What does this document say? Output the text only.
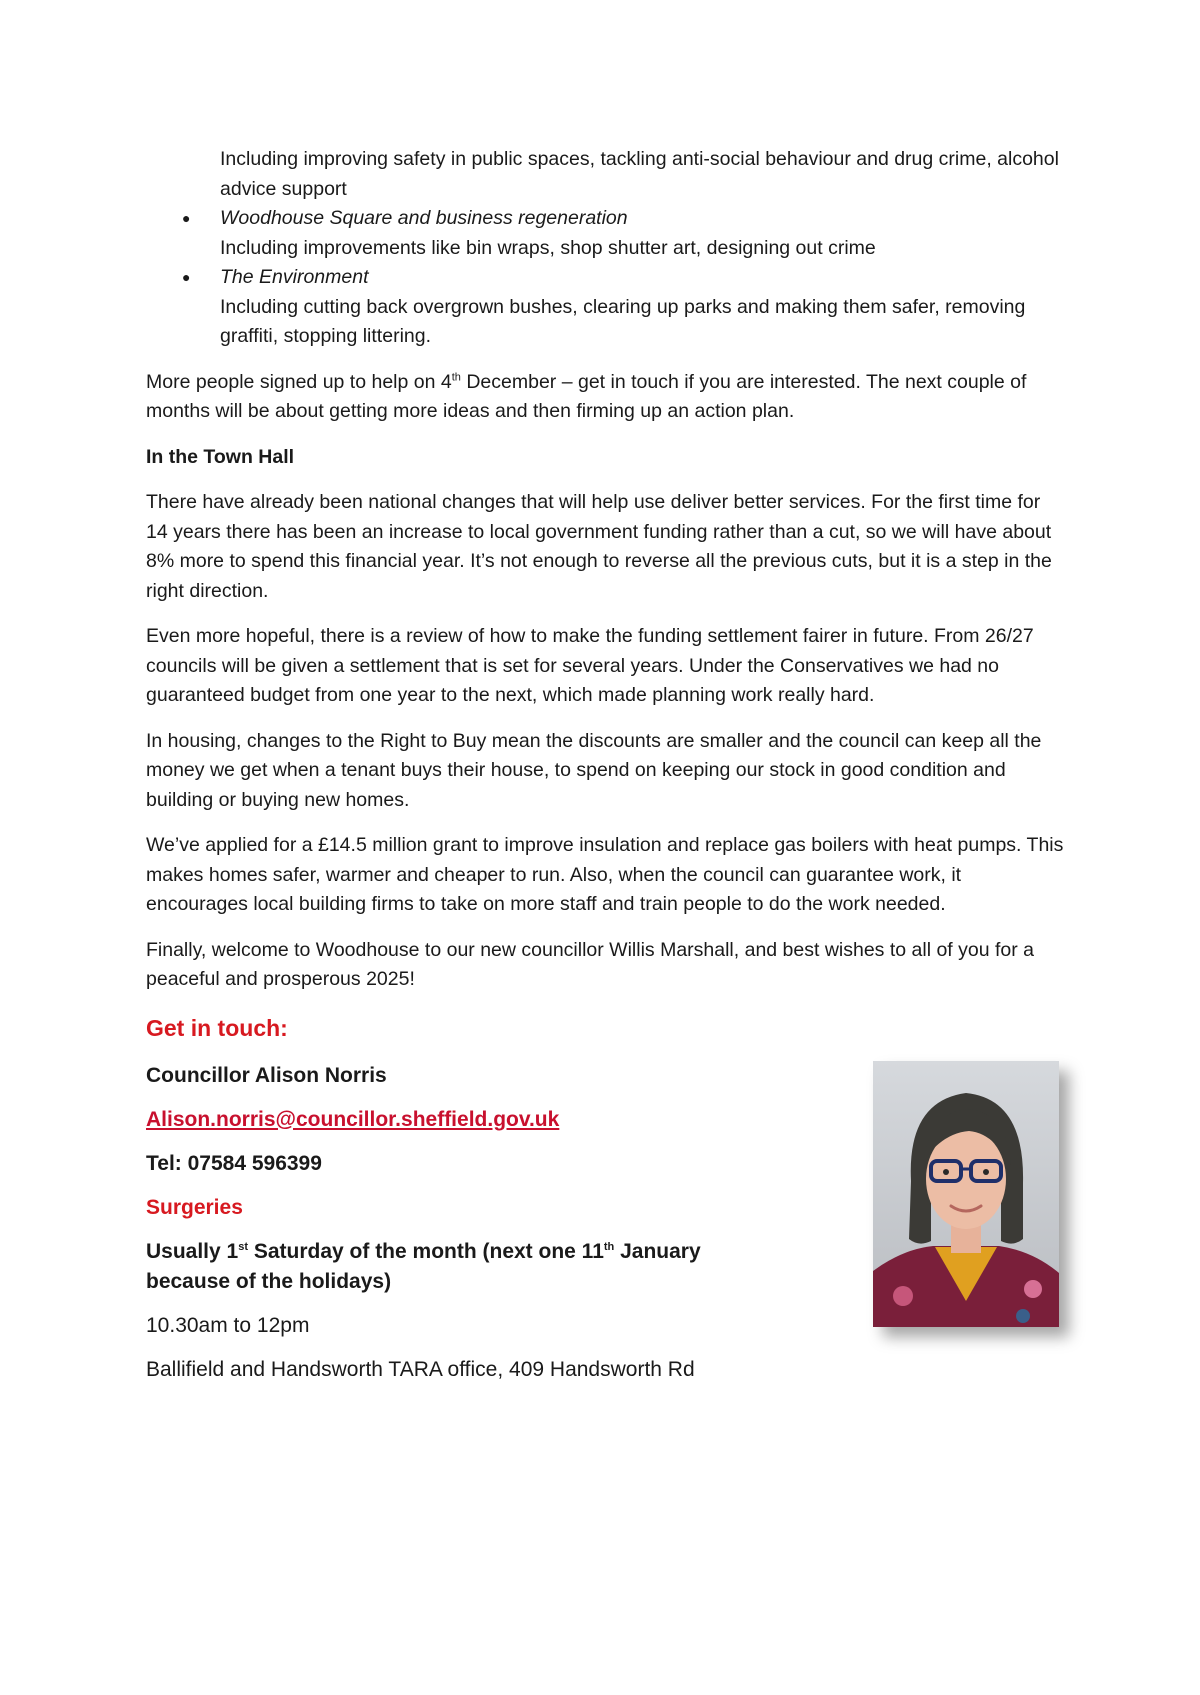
Including improving safety in public spaces, tackling anti-social behaviour and drug crime, alcohol advice support

● Woodhouse Square and business regeneration
Including improvements like bin wraps, shop shutter art, designing out crime
● The Environment
Including cutting back overgrown bushes, clearing up parks and making them safer, removing graffiti, stopping littering.

More people signed up to help on 4th December – get in touch if you are interested. The next couple of months will be about getting more ideas and then firming up an action plan.

In the Town Hall

There have already been national changes that will help use deliver better services. For the first time for 14 years there has been an increase to local government funding rather than a cut, so we will have about 8% more to spend this financial year. It’s not enough to reverse all the previous cuts, but it is a step in the right direction.

Even more hopeful, there is a review of how to make the funding settlement fairer in future. From 26/27 councils will be given a settlement that is set for several years. Under the Conservatives we had no guaranteed budget from one year to the next, which made planning work really hard.

In housing, changes to the Right to Buy mean the discounts are smaller and the council can keep all the money we get when a tenant buys their house, to spend on keeping our stock in good condition and building or buying new homes.

We’ve applied for a £14.5 million grant to improve insulation and replace gas boilers with heat pumps. This makes homes safer, warmer and cheaper to run. Also, when the council can guarantee work, it encourages local building firms to take on more staff and train people to do the work needed.

Finally, welcome to Woodhouse to our new councillor Willis Marshall, and best wishes to all of you for a peaceful and prosperous 2025!

Get in touch:
Councillor Alison Norris
Alison.norris@councillor.sheffield.gov.uk
Tel: 07584 596399
Surgeries
Usually 1st Saturday of the month (next one 11th January because of the holidays)
10.30am to 12pm
Ballifield and Handsworth TARA office, 409 Handsworth Rd
